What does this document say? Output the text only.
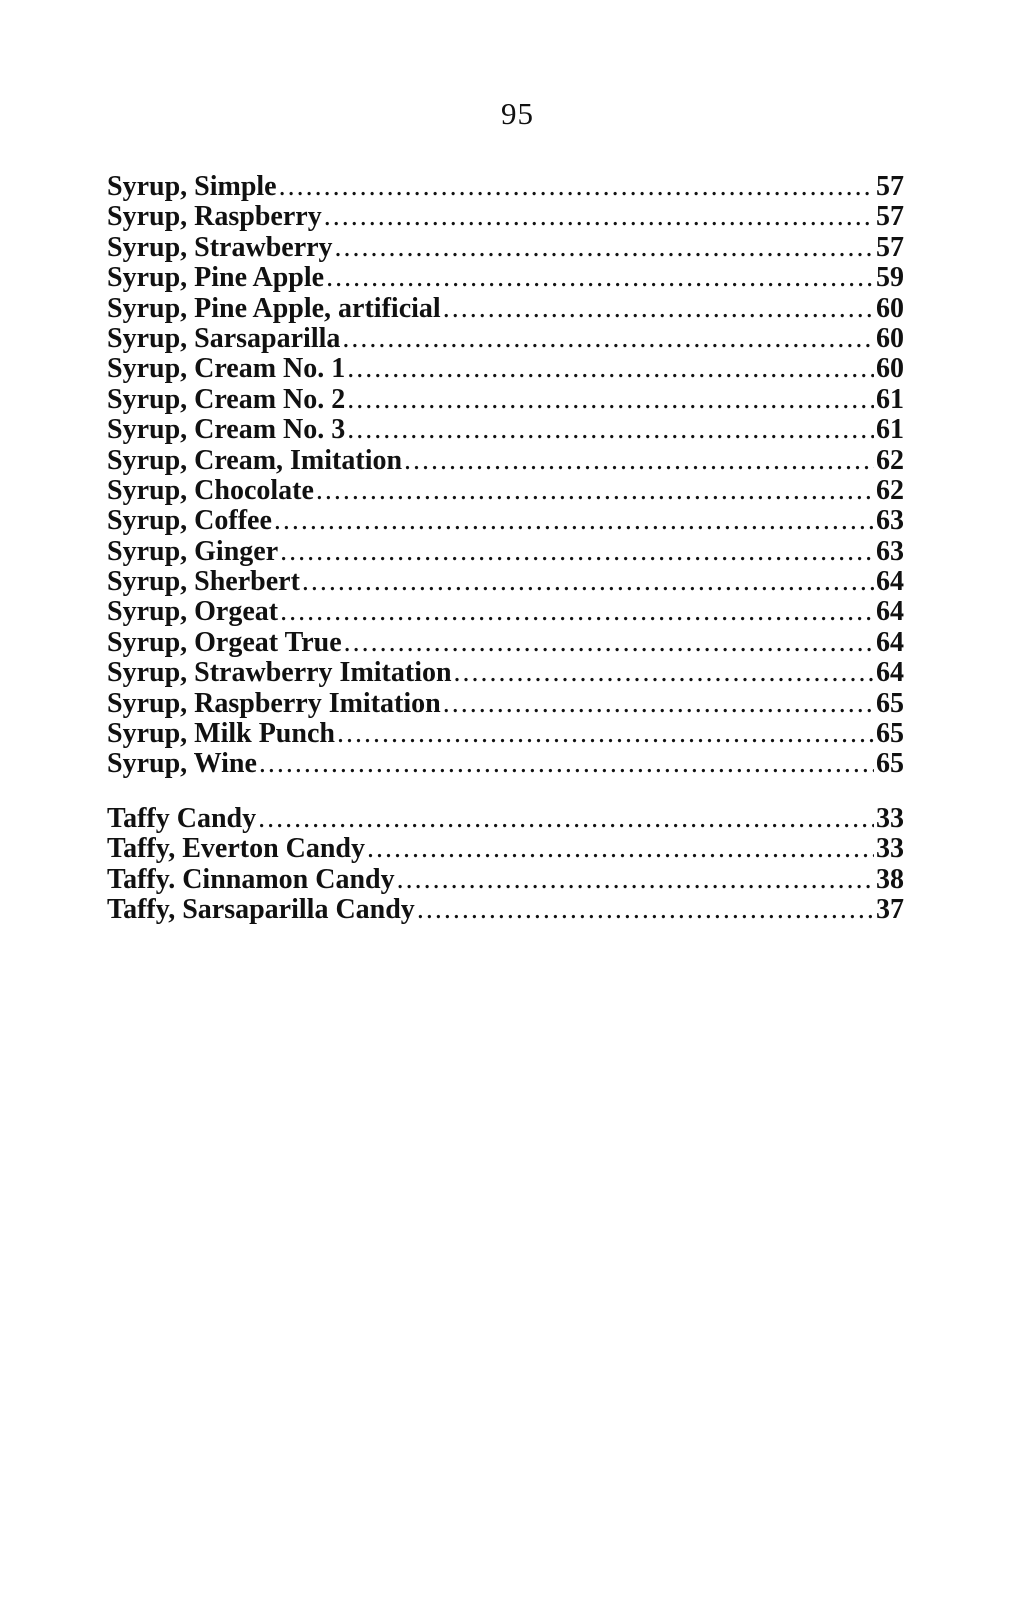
95
Syrup, Simple .....	57
Syrup, Raspberry .....	57
Syrup, Strawberry .....	57
Syrup, Pine Apple .....	59
Syrup, Pine Apple, artificial .....	60
Syrup, Sarsaparilla .....	60
Syrup, Cream No. 1 .....	60
Syrup, Cream No. 2 .....	61
Syrup, Cream No. 3 .....	61
Syrup, Cream, Imitation .....	62
Syrup, Chocolate .....	62
Syrup, Coffee .....	63
Syrup, Ginger .....	63
Syrup, Sherbert .....	64
Syrup, Orgeat .....	64
Syrup, Orgeat True .....	64
Syrup, Strawberry Imitation .....	64
Syrup, Raspberry Imitation .....	65
Syrup, Milk Punch .....	65
Syrup, Wine .....	65
Taffy Candy .....	33
Taffy, Everton Candy .....	33
Taffy. Cinnamon Candy .....	38
Taffy, Sarsaparilla Candy .....	37
